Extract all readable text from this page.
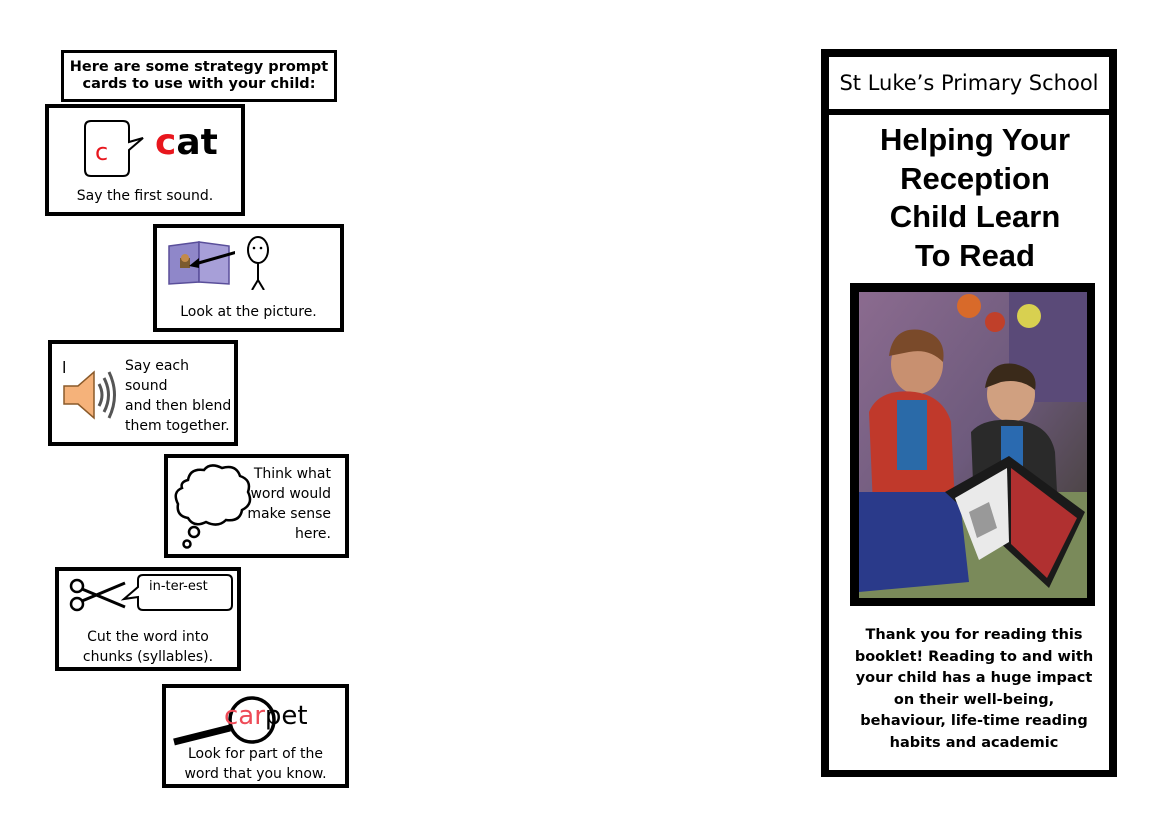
Here are some strategy prompt
cards to use with your child:
c cat
Say the first sound.
Look at the picture.
l	Say each sound
and then blend
them together.
Think what
word would
make sense
here.
in-ter-est
Cut the word into
chunks (syllables).
carpet
Look for part of the
word that you know.
St Luke’s Primary School
Helping Your
Reception
Child Learn
To Read
Thank you for reading this
booklet! Reading to and with
your child has a huge impact
on their well-being,
behaviour, life-time reading
habits and academic
